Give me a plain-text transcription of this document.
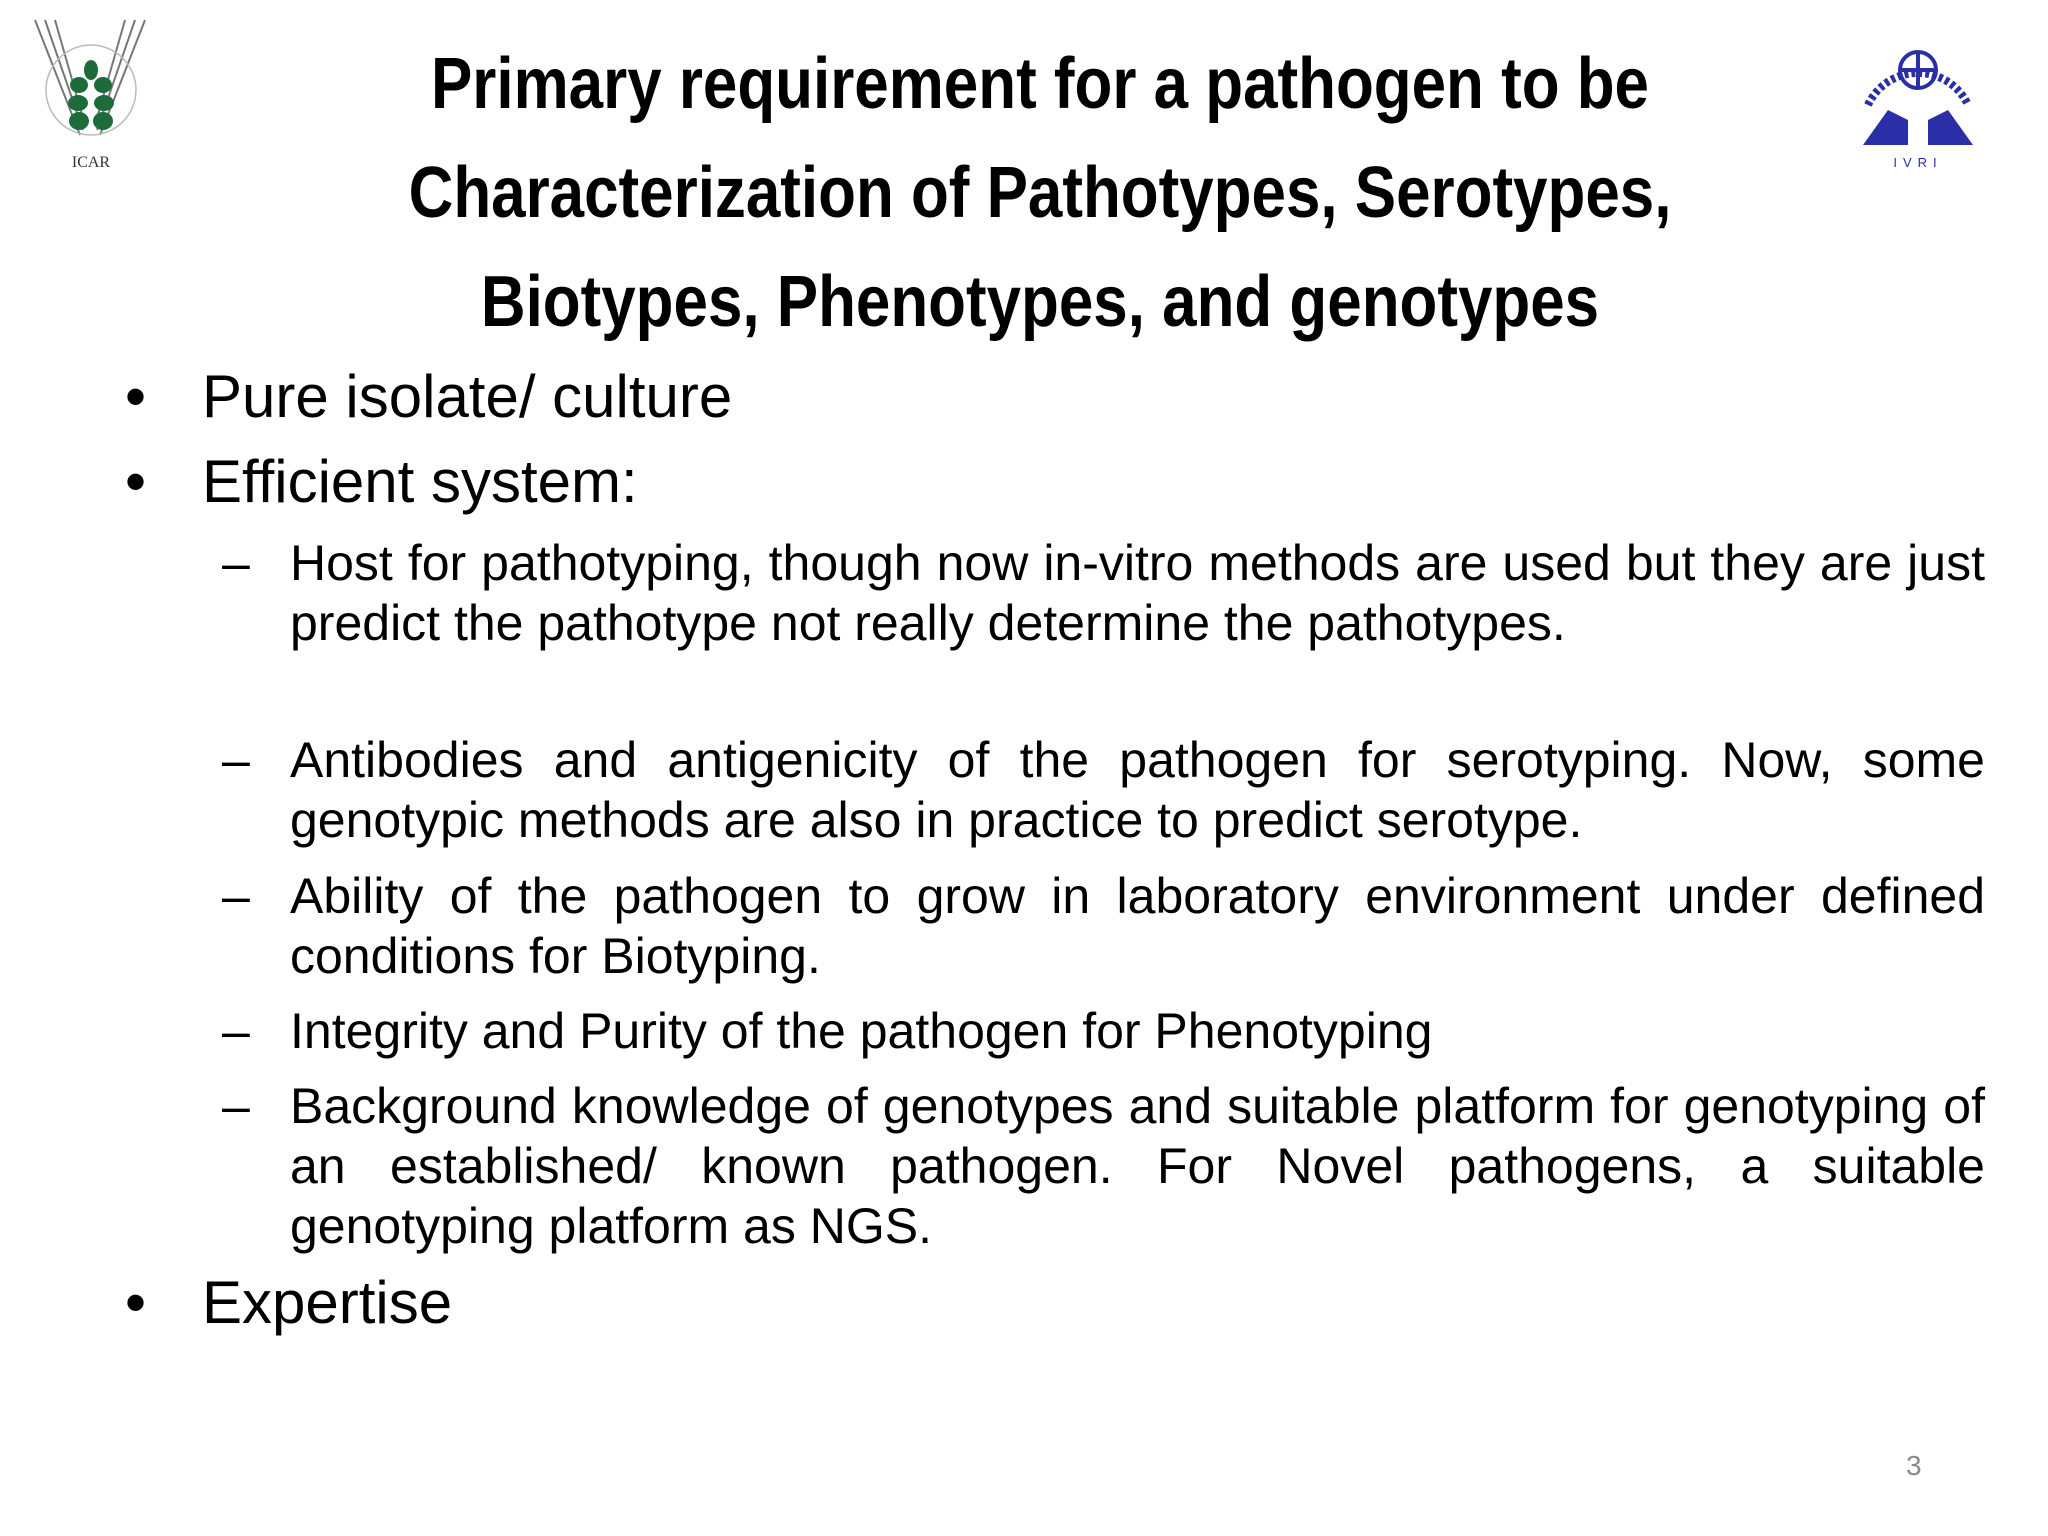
ICAR	IVRI
Primary requirement for a pathogen to be
Characterization of Pathotypes, Serotypes,
Biotypes, Phenotypes, and genotypes
• Pure isolate/ culture
• Efficient system:
– Host for pathotyping, though now in-vitro methods are used but they are just predict the pathotype not really determine the pathotypes.
– Antibodies and antigenicity of the pathogen for serotyping. Now, some genotypic methods are also in practice to predict serotype.
– Ability of the pathogen to grow in laboratory environment under defined conditions for Biotyping.
– Integrity and Purity of the pathogen for Phenotyping
– Background knowledge of genotypes and suitable platform for genotyping of an established/ known pathogen. For Novel pathogens, a suitable genotyping platform as NGS.
• Expertise
3
